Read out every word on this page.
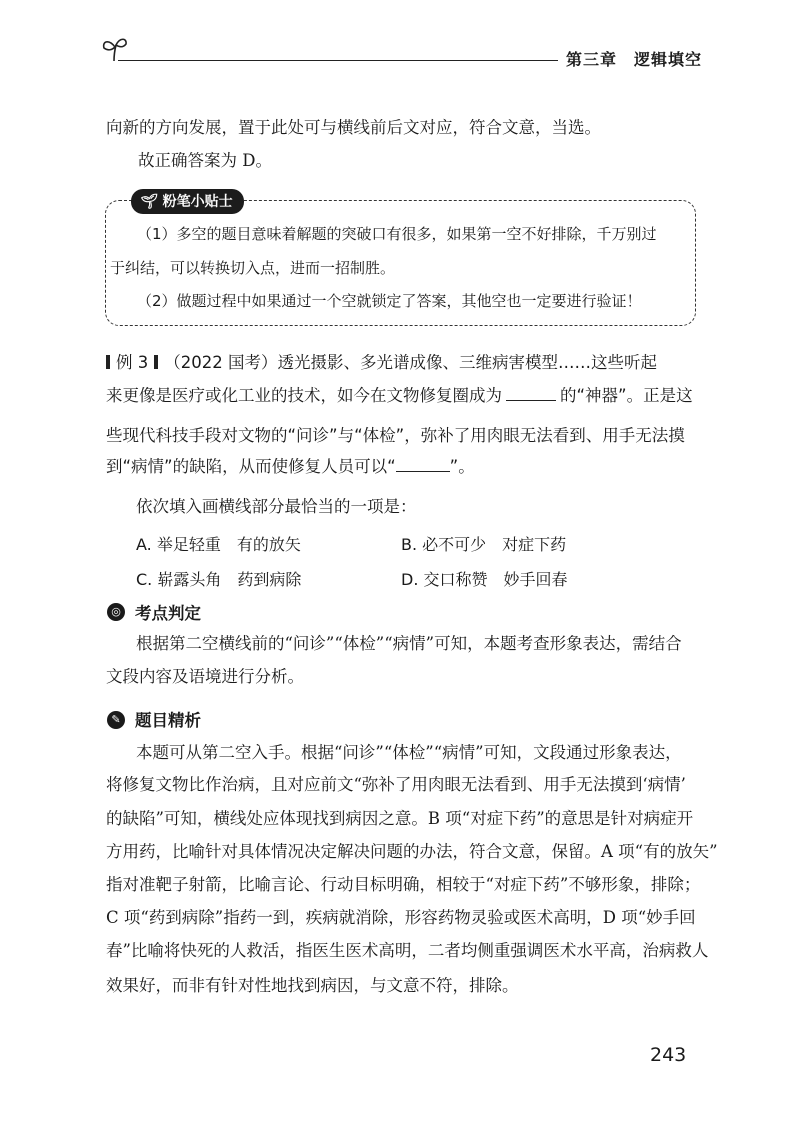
第三章　逻辑填空
向新的方向发展，置于此处可与横线前后文对应，符合文意，当选。
故正确答案为 D。
🌱︎ 粉笔小贴士
（1）多空的题目意味着解题的突破口有很多，如果第一空不好排除，千万别过
于纠结，可以转换切入点，进而一招制胜。
（2）做题过程中如果通过一个空就锁定了答案，其他空也一定要进行验证！
例 3 （2022 国考）透光摄影、多光谱成像、三维病害模型……这些听起
来更像是医疗或化工业的技术，如今在文物修复圈成为	的“神器”。正是这
些现代科技手段对文物的“问诊”与“体检”，弥补了用肉眼无法看到、用手无法摸
到“病情”的缺陷，从而使修复人员可以“	”。
依次填入画横线部分最恰当的一项是：
A. 举足轻重　有的放矢	B. 必不可少　对症下药
C. 崭露头角　药到病除	D. 交口称赞　妙手回春
◎ 考点判定
根据第二空横线前的“问诊”“体检”“病情”可知，本题考查形象表达，需结合
文段内容及语境进行分析。
✎ 题目精析
本题可从第二空入手。根据“问诊”“体检”“病情”可知，文段通过形象表达，
将修复文物比作治病，且对应前文“弥补了用肉眼无法看到、用手无法摸到‘病情’
的缺陷”可知，横线处应体现找到病因之意。B 项“对症下药”的意思是针对病症开
方用药，比喻针对具体情况决定解决问题的办法，符合文意，保留。A 项“有的放矢”
指对准靶子射箭，比喻言论、行动目标明确，相较于“对症下药”不够形象，排除；
C 项“药到病除”指药一到，疾病就消除，形容药物灵验或医术高明，D 项“妙手回
春”比喻将快死的人救活，指医生医术高明，二者均侧重强调医术水平高，治病救人
效果好，而非有针对性地找到病因，与文意不符，排除。
243
